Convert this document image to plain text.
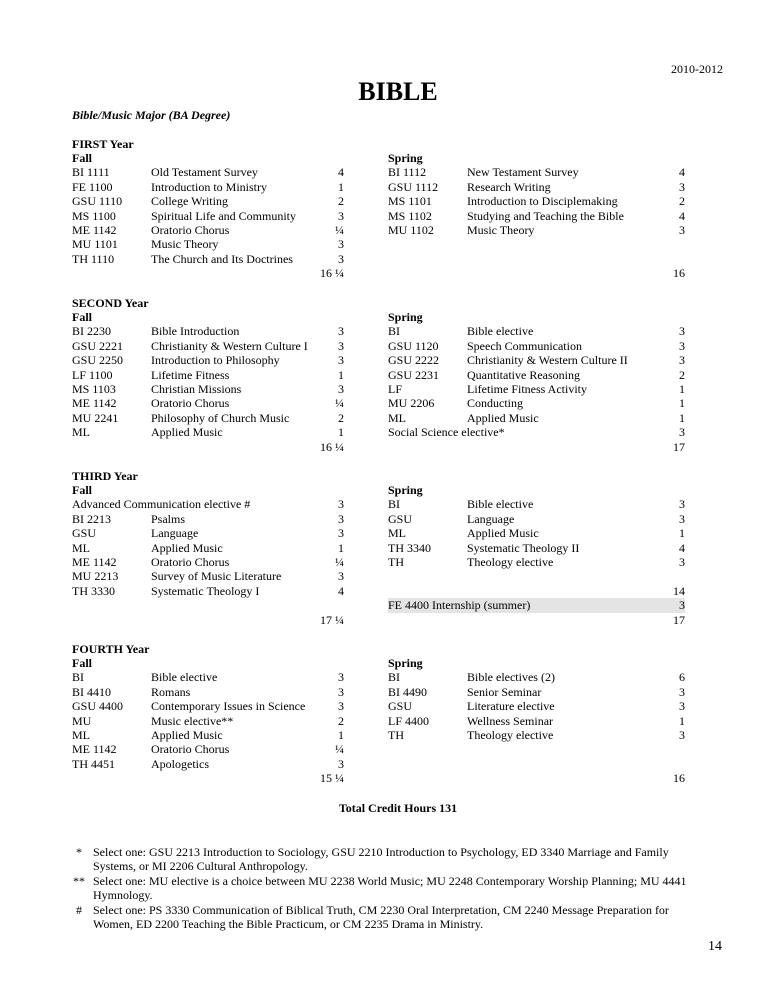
2010-2012
BIBLE
Bible/Music Major (BA Degree)
FIRST Year
Fall
BI 1111	Old Testament Survey	4
FE 1100	Introduction to Ministry	1
GSU 1110 College Writing	2
MS 1100	Spiritual Life and Community	3
ME 1142	Oratorio Chorus	¼
MU 1101	Music Theory	3
TH 1110	The Church and Its Doctrines	3
16 ¼
Spring
BI 1112	New Testament Survey	4
GSU 1112 Research Writing	3
MS 1101	Introduction to Disciplemaking	2
MS 1102	Studying and Teaching the Bible	4
MU 1102	Music Theory	3
16
SECOND Year
Fall
BI 2230	Bible Introduction	3
GSU 2221 Christianity & Western Culture I	3
GSU 2250 Introduction to Philosophy	3
LF 1100	Lifetime Fitness	1
MS 1103	Christian Missions	3
ME 1142	Oratorio Chorus	¼
MU 2241	Philosophy of Church Music	2
ML	Applied Music	1
16 ¼
Spring
BI	Bible elective	3
GSU 1120 Speech Communication	3
GSU 2222 Christianity & Western Culture II	3
GSU 2231 Quantitative Reasoning	2
LF	Lifetime Fitness Activity	1
MU 2206	Conducting	1
ML	Applied Music	1
Social Science elective*	3
17
THIRD Year
Fall
Advanced Communication elective #	3
BI 2213	Psalms	3
GSU	Language	3
ML	Applied Music	1
ME 1142	Oratorio Chorus	¼
MU 2213	Survey of Music Literature	3
TH 3330	Systematic Theology I	4
17 ¼
Spring
BI	Bible elective	3
GSU	Language	3
ML	Applied Music	1
TH 3340	Systematic Theology II	4
TH	Theology elective	3
14
FE 4400 Internship (summer)	3
17
FOURTH Year
Fall
BI	Bible elective	3
BI 4410	Romans	3
GSU 4400 Contemporary Issues in Science	3
MU	Music elective**	2
ML	Applied Music	1
ME 1142	Oratorio Chorus	¼
TH 4451	Apologetics	3
15 ¼
Spring
BI	Bible electives (2)	6
BI 4490	Senior Seminar	3
GSU	Literature elective	3
LF 4400	Wellness Seminar	1
TH	Theology elective	3
16
Total Credit Hours 131
* Select one: GSU 2213 Introduction to Sociology, GSU 2210 Introduction to Psychology, ED 3340 Marriage and Family Systems, or MI 2206 Cultural Anthropology.
** Select one: MU elective is a choice between MU 2238 World Music; MU 2248 Contemporary Worship Planning; MU 4441 Hymnology.
# Select one: PS 3330 Communication of Biblical Truth, CM 2230 Oral Interpretation, CM 2240 Message Preparation for Women, ED 2200 Teaching the Bible Practicum, or CM 2235 Drama in Ministry.
14
